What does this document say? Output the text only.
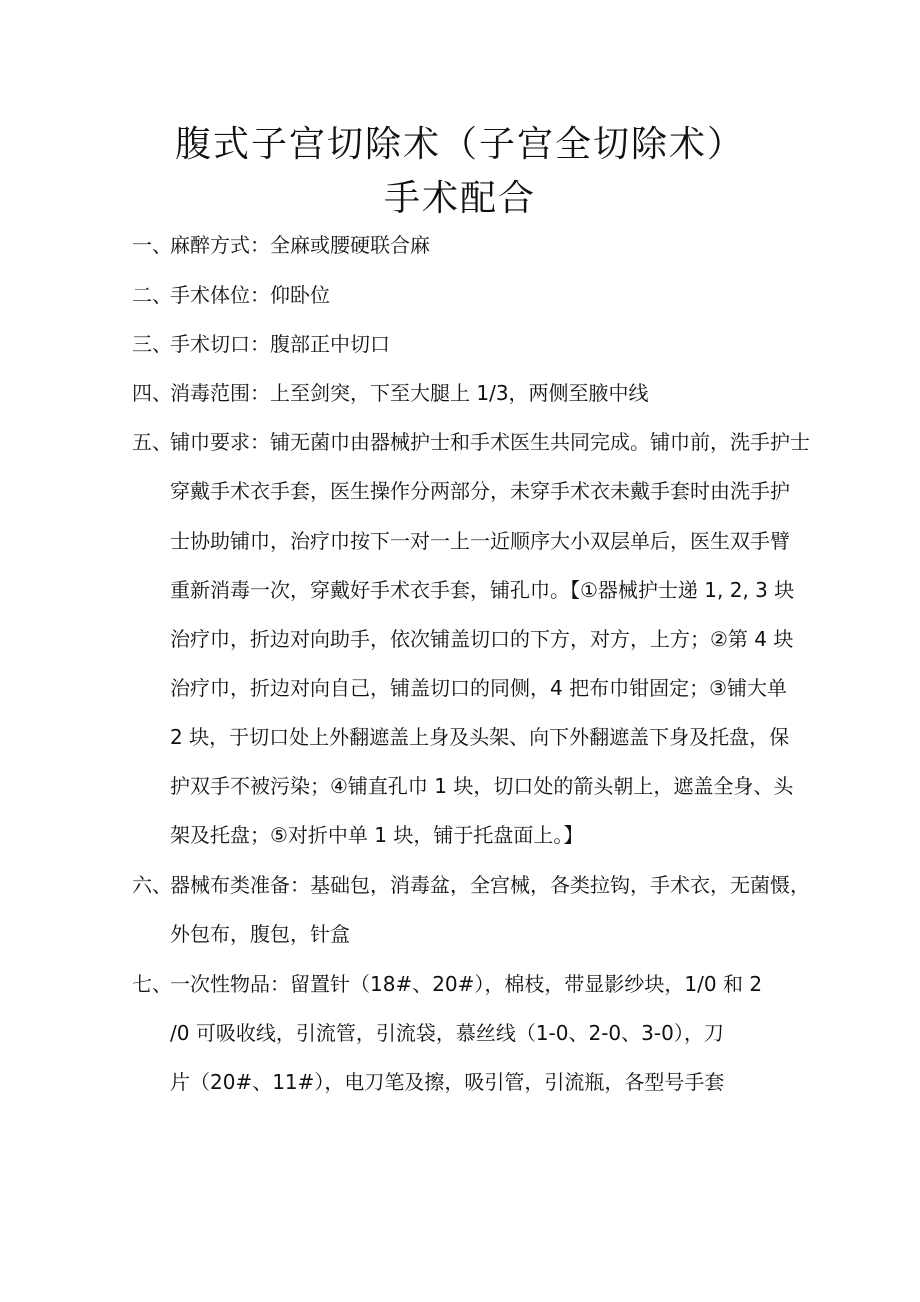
腹式子宫切除术（子宫全切除术）
手术配合
一、
麻醉方式：全麻或腰硬联合麻
二、
手术体位：仰卧位
三、
手术切口：腹部正中切口
四、
消毒范围：上至剑突，下至大腿上 1/3，两侧至腋中线
五、
铺巾要求：铺无菌巾由器械护士和手术医生共同完成。铺巾前，洗手护士
穿戴手术衣手套，医生操作分两部分，未穿手术衣未戴手套时由洗手护
士协助铺巾，治疗巾按下一对一上一近顺序大小双层单后，医生双手臂
重新消毒一次，穿戴好手术衣手套，铺孔巾。【①器械护士递 1, 2, 3 块
治疗巾，折边对向助手，依次铺盖切口的下方，对方，上方；②第 4 块
治疗巾，折边对向自己，铺盖切口的同侧，4 把布巾钳固定；③铺大单
2 块，于切口处上外翻遮盖上身及头架、向下外翻遮盖下身及托盘，保
护双手不被污染；④铺直孔巾 1 块，切口处的箭头朝上，遮盖全身、头
架及托盘；⑤对折中单 1 块，铺于托盘面上。】
六、
器械布类准备：基础包，消毒盆，全宫械，各类拉钩，手术衣，无菌慑，
外包布，腹包，针盒
七、
一次性物品：留置针（18#、20#），棉枝，带显影纱块，1/0 和 2
/0 可吸收线，引流管，引流袋，慕丝线（1-0、2-0、3-0），刀
片（20#、11#），电刀笔及擦，吸引管，引流瓶，各型号手套
